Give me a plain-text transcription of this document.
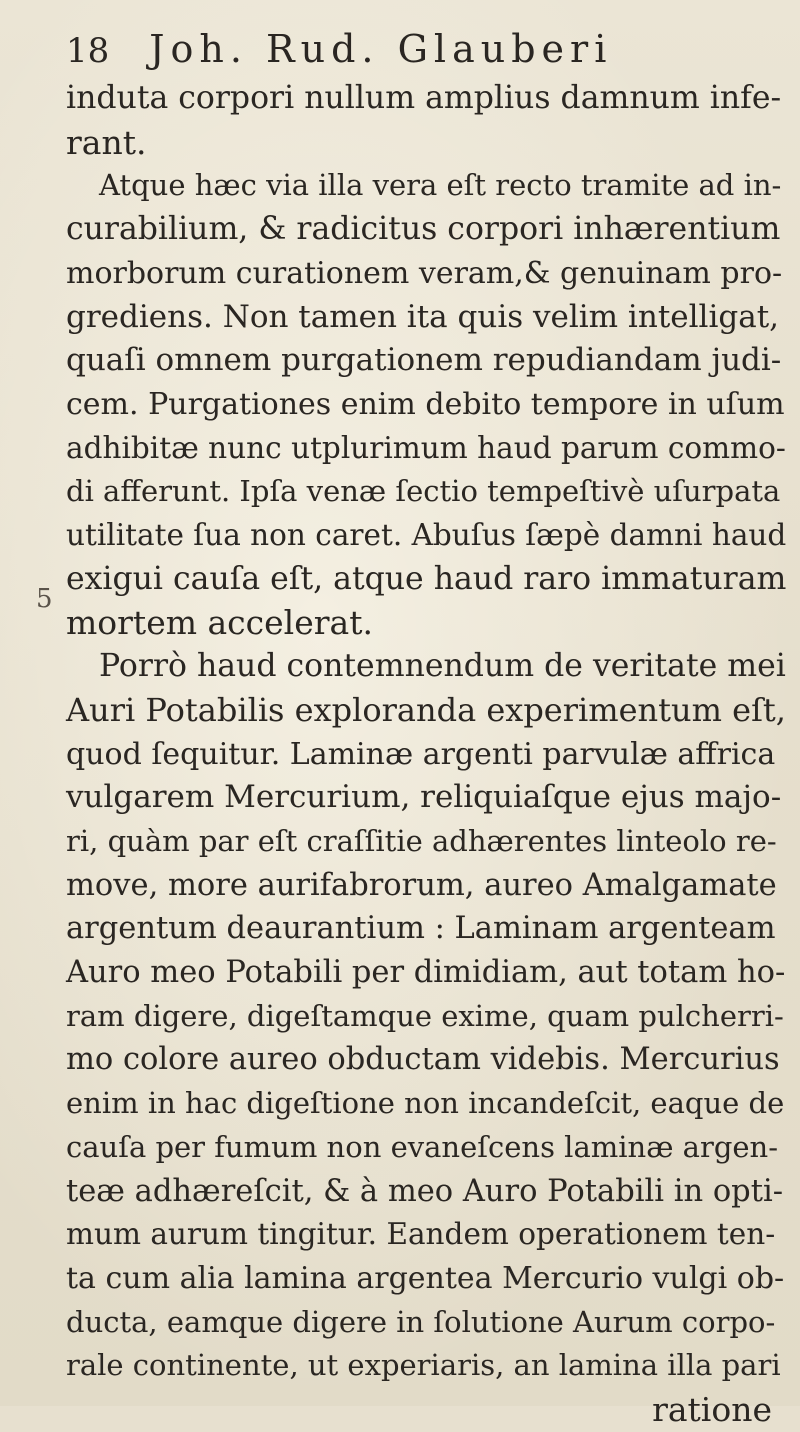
18 Joh. Rud. Glauberi
5
induta corpori nullum amplius damnum infe-
rant.
Atque hæc via illa vera eſt recto tramite ad in-
curabilium, & radicitus corpori inhærentium
morborum curationem veram,& genuinam pro-
grediens. Non tamen ita quis velim intelligat,
quaſi omnem purgationem repudiandam judi-
cem. Purgationes enim debito tempore in uſum
adhibitæ nunc utplurimum haud parum commo-
di afferunt. Ipſa venæ ſectio tempeſtivè uſurpata
utilitate ſua non caret. Abuſus ſæpè damni haud
exigui cauſa eſt, atque haud raro immaturam
mortem accelerat.
Porrò haud contemnendum de veritate mei
Auri Potabilis exploranda experimentum eſt,
quod ſequitur. Laminæ argenti parvulæ affrica
vulgarem Mercurium, reliquiaſque ejus majo-
ri, quàm par eſt craſſitie adhærentes linteolo re-
move, more aurifabrorum, aureo Amalgamate
argentum deaurantium : Laminam argenteam
Auro meo Potabili per dimidiam, aut totam ho-
ram digere, digeſtamque exime, quam pulcherri-
mo colore aureo obductam videbis. Mercurius
enim in hac digeſtione non incandeſcit, eaque de
cauſa per fumum non evaneſcens laminæ argen-
teæ adhæreſcit, & à meo Auro Potabili in opti-
mum aurum tingitur. Eandem operationem ten-
ta cum alia lamina argentea Mercurio vulgi ob-
ducta, eamque digere in ſolutione Aurum corpo-
rale continente, ut experiaris, an lamina illa pari
ratione
